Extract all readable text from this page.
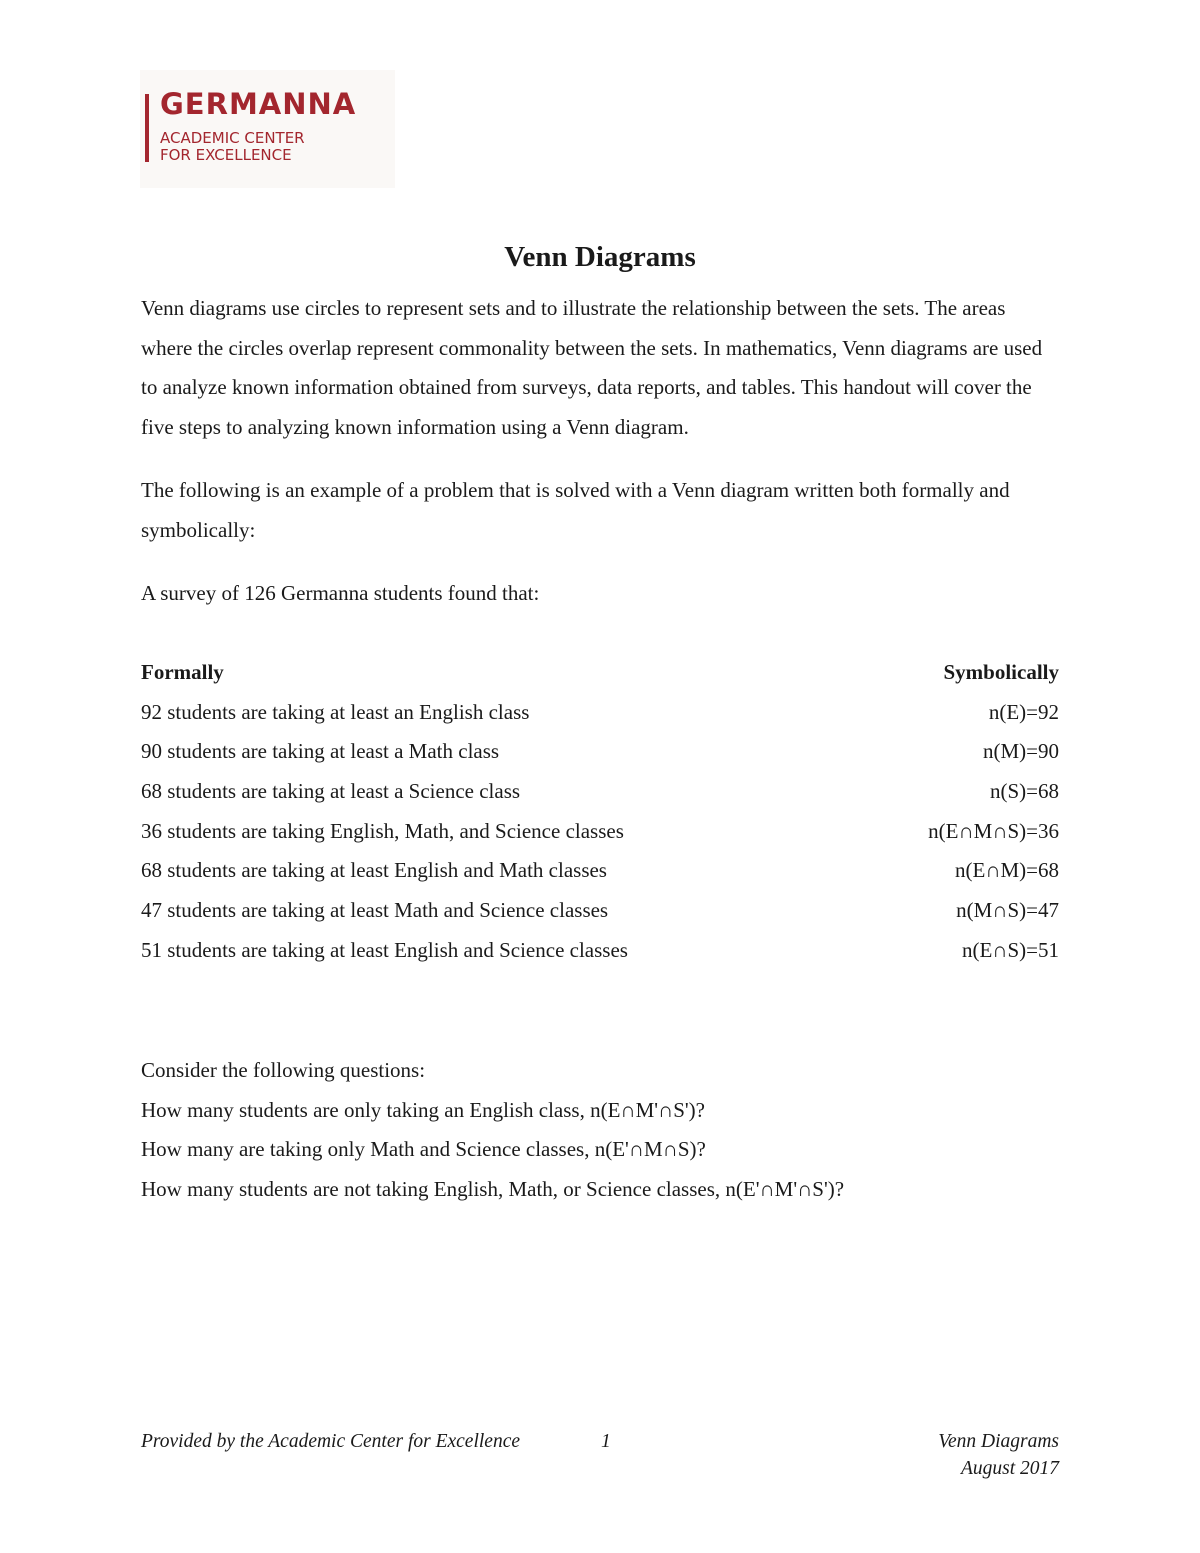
GERMANNA
ACADEMIC CENTER
FOR EXCELLENCE
Venn Diagrams

Venn diagrams use circles to represent sets and to illustrate the relationship between the sets. The areas where the circles overlap represent commonality between the sets. In mathematics, Venn diagrams are used to analyze known information obtained from surveys, data reports, and tables. This handout will cover the five steps to analyzing known information using a Venn diagram.

The following is an example of a problem that is solved with a Venn diagram written both formally and symbolically:

A survey of 126 Germanna students found that:

Formally	Symbolically
92 students are taking at least an English class	n(E)=92
90 students are taking at least a Math class	n(M)=90
68 students are taking at least a Science class	n(S)=68
36 students are taking English, Math, and Science classes	n(E∩M∩S)=36
68 students are taking at least English and Math classes	n(E∩M)=68
47 students are taking at least Math and Science classes	n(M∩S)=47
51 students are taking at least English and Science classes	n(E∩S)=51
Consider the following questions:
How many students are only taking an English class, n(E∩M'∩S')?
How many are taking only Math and Science classes, n(E'∩M∩S)?
How many students are not taking English, Math, or Science classes, n(E'∩M'∩S')?
Provided by the Academic Center for Excellence	1	Venn Diagrams
August 2017
